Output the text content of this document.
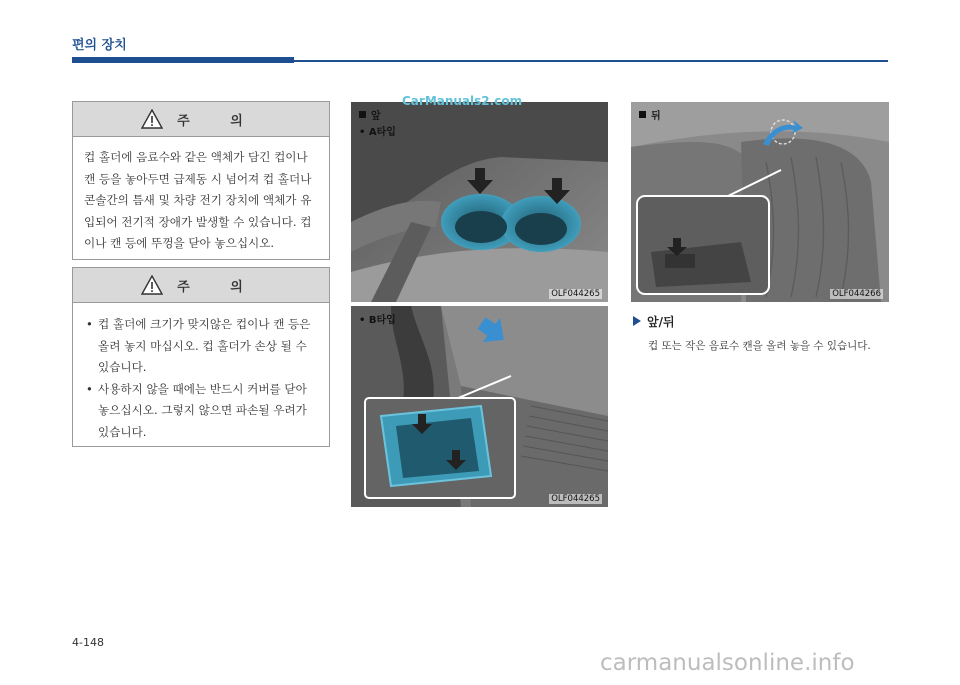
편의 장치
주 의
컵 홀더에 음료수와 같은 액체가 담긴 컵이나 캔 등을 놓아두면 급제동 시 넘어져 컵 홀더나 콘솔간의 틈새 및 차량 전기 장치에 액체가 유입되어 전기적 장애가 발생할 수 있습니다. 컵이나 캔 등에 뚜껑을 닫아 놓으십시오.
주 의
• 컵 홀더에 크기가 맞지않은 컵이나 캔 등은 올려 놓지 마십시오. 컵 홀더가 손상 될 수 있습니다.
• 사용하지 않을 때에는 반드시 커버를 닫아 놓으십시오. 그렇지 않으면 파손될 우려가 있습니다.
앞
• A타입
OLF044265
• B타입
OLF044265
뒤
OLF044266
앞/뒤
컵 또는 작은 음료수 캔을 올려 놓을 수 있습니다.
CarManuals2.com
4-148
carmanualsonline.info
